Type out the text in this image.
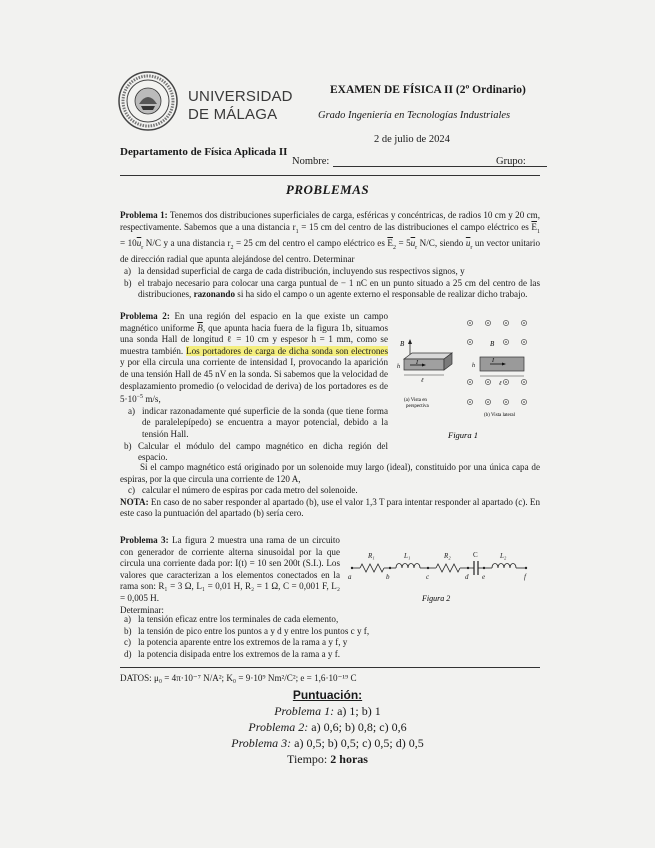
UNIVERSIDAD
DE MÁLAGA
Departamento de Física Aplicada II
EXAMEN DE FÍSICA II (2º Ordinario)
Grado Ingeniería en Tecnologías Industriales
2 de julio de 2024
Nombre:	Grupo:
PROBLEMAS
Problema 1: Tenemos dos distribuciones superficiales de carga, esféricas y concéntricas, de radios 10 cm y 20 cm, respectivamente. Sabemos que a una distancia $r_1 = 15$ cm del centro de las distribuciones el campo eléctrico es $\overline{E}_1 = 10\overline{u}_r$ N/C y a una distancia $r_2 = 25$ cm del centro el campo eléctrico es $\overline{E}_2 = 5\overline{u}_r$ N/C, siendo $\overline{u}_r$ un vector unitario de dirección radial que apunta alejándose del centro. Determinar
a) la densidad superficial de carga de cada distribución, incluyendo sus respectivos signos, y
b) el trabajo necesario para colocar una carga puntual de − 1 nC en un punto situado a 25 cm del centro de las distribuciones, razonando si ha sido el campo o un agente externo el responsable de realizar dicho trabajo.
Problema 2: En una región del espacio en la que existe un campo magnético uniforme $\overline{B}$, que apunta hacia fuera de la figura 1b, situamos una sonda Hall de longitud ℓ = 10 cm y espesor h = 1 mm, como se muestra también. Los portadores de carga de dicha sonda son electrones y por ella circula una corriente de intensidad I, provocando la aparición de una tensión Hall de 45 nV en la sonda. Si sabemos que la velocidad de desplazamiento promedio (o velocidad de deriva) de los portadores es de $5\cdot 10^{-5}$ m/s,
a) indicar razonadamente qué superficie de la sonda (que tiene forma de paralelepípedo) se encuentra a mayor potencial, debido a la tensión Hall.
b) Calcular el módulo del campo magnético en dicha región del espacio.
Si el campo magnético está originado por un solenoide muy largo (ideal), constituido por una única capa de espiras, por la que circula una corriente de 120 A,
c) calcular el número de espiras por cada metro del solenoide.
NOTA: En caso de no saber responder al apartado (b), use el valor 1,3 T para intentar responder al apartado (c). En este caso la puntuación del apartado (b) sería cero.
B
I
h
ℓ
(a) Vista en
perspectiva
B
I
h
ℓ
(b) Vista lateral
Figura 1
Problema 3: La figura 2 muestra una rama de un circuito con generador de corriente alterna sinusoidal por la que circula una corriente dada por: I(t) = 10 sen 200t (S.I.). Los valores que caracterizan a los elementos conectados en la rama son: R₁ = 3 Ω, L₁ = 0,01 H, R₂ = 1 Ω, C = 0,001 F, L₂ = 0,005 H.
Determinar:
a) la tensión eficaz entre los terminales de cada elemento,
b) la tensión de pico entre los puntos a y d y entre los puntos c y f,
c) la potencia aparente entre los extremos de la rama a y f, y
d) la potencia disipada entre los extremos de la rama a y f.
R₁	L₁	R₂	C	L₂
a	b	c	d e	f
Figura 2
DATOS: μ₀ = 4π·10⁻⁷ N/A²; K₀ = 9·10⁹ Nm²/C²; e = 1,6·10⁻¹⁹ C
Puntuación:
Problema 1: a) 1; b) 1
Problema 2: a) 0,6; b) 0,8; c) 0,6
Problema 3: a) 0,5; b) 0,5; c) 0,5; d) 0,5
Tiempo: 2 horas
